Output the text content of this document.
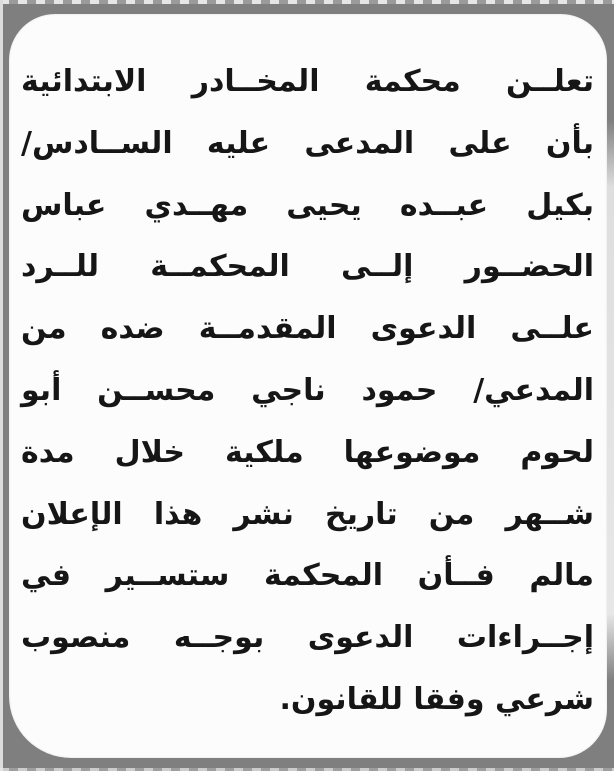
تعلــن محكمة المخــادر الابتدائية
بأن على المدعى عليه الســادس/
بكيل عبــده يحيى مهــدي عباس
الحضــور إلــى المحكمــة للــرد
علــى الدعوى المقدمــة ضده من
المدعي/ حمود ناجي محســن أبو
لحوم موضوعها ملكية خلال مدة
شــهر من تاريخ نشر هذا الإعلان
مالم فــأن المحكمة ستســير في
إجــراءات الدعوى بوجــه منصوب
شرعي وفقا للقانون.
